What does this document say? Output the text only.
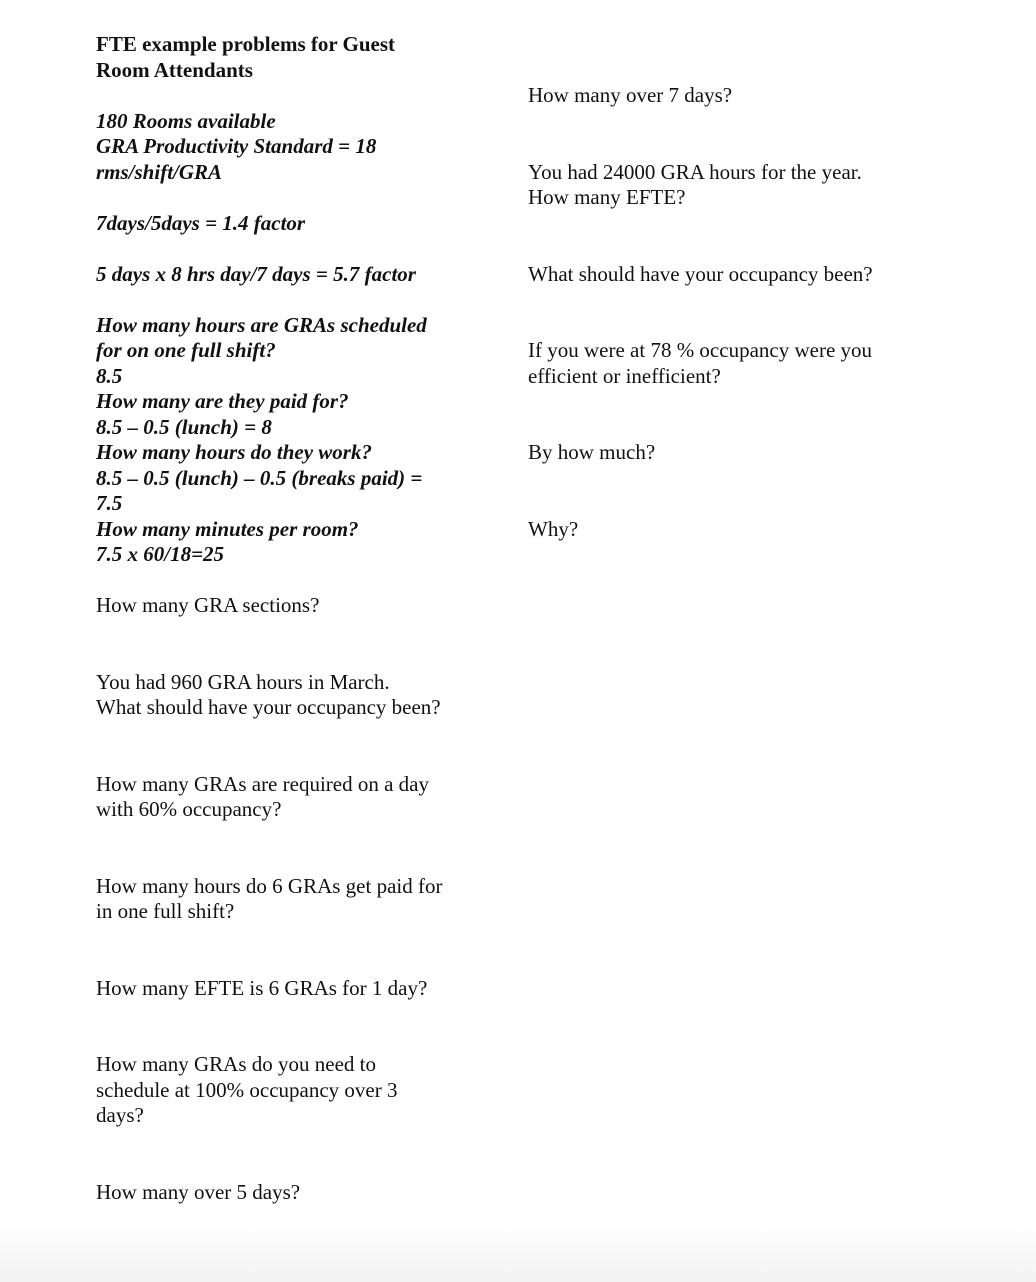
FTE example problems for Guest
Room Attendants
180 Rooms available
GRA Productivity Standard = 18
rms/shift/GRA
7days/5days = 1.4 factor
5 days x 8 hrs day/7 days = 5.7 factor
How many hours are GRAs scheduled
for on one full shift?
8.5
How many are they paid for?
8.5 – 0.5 (lunch) = 8
How many hours do they work?
8.5 – 0.5 (lunch) – 0.5 (breaks paid) =
7.5
How many minutes per room?
7.5 x 60/18=25
How many GRA sections?
You had 960 GRA hours in March.
What should have your occupancy been?
How many GRAs are required on a day
with 60% occupancy?
How many hours do 6 GRAs get paid for
in one full shift?
How many EFTE is 6 GRAs for 1 day?
How many GRAs do you need to
schedule at 100% occupancy over 3
days?
How many over 5 days?
How many over 7 days?
You had 24000 GRA hours for the year.
How many EFTE?
What should have your occupancy been?
If you were at 78 % occupancy were you
efficient or inefficient?
By how much?
Why?
